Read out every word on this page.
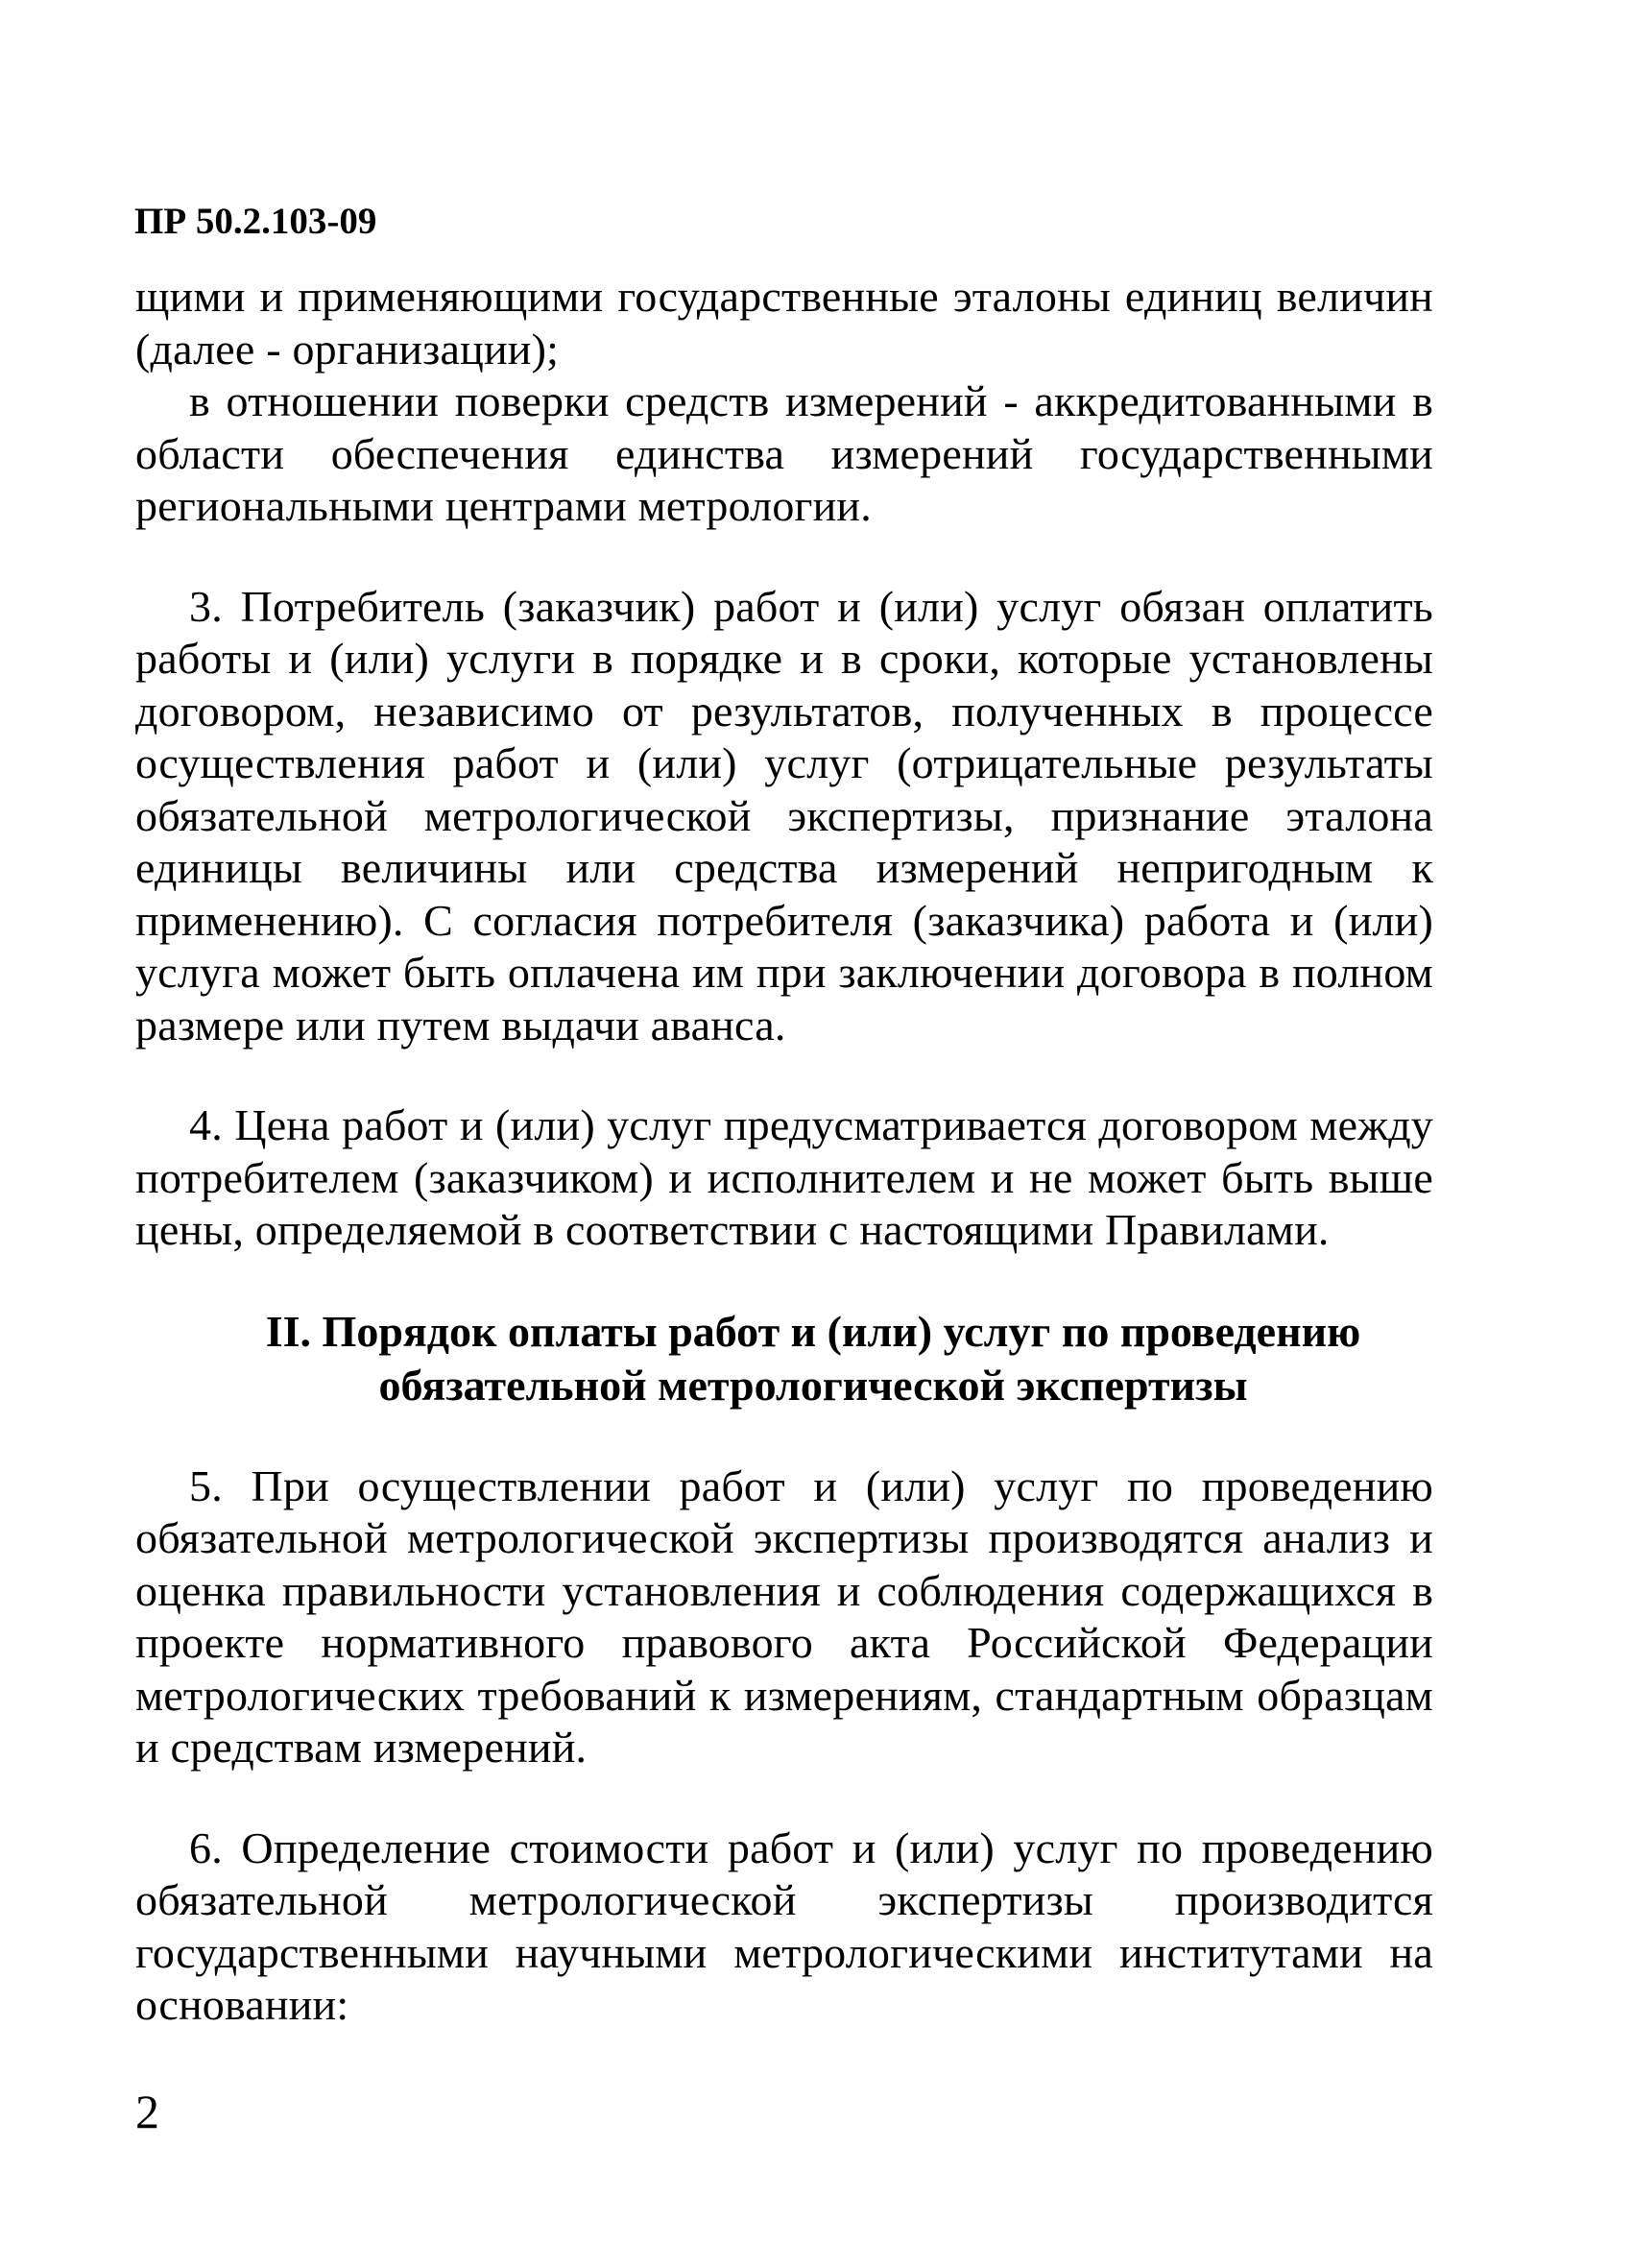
ПР 50.2.103-09

щими и применяющими государственные эталоны единиц величин (далее - организации);

в отношении поверки средств измерений - аккредитованными в области обеспечения единства измерений государственными региональными центрами метрологии.

3. Потребитель (заказчик) работ и (или) услуг обязан оплатить работы и (или) услуги в порядке и в сроки, которые установлены договором, независимо от результатов, полученных в процессе осуществления работ и (или) услуг (отрицательные результаты обязательной метрологической экспертизы, признание эталона единицы величины или средства измерений непригодным к применению). С согласия потребителя (заказчика) работа и (или) услуга может быть оплачена им при заключении договора в полном размере или путем выдачи аванса.

4. Цена работ и (или) услуг предусматривается договором между потребителем (заказчиком) и исполнителем и не может быть выше цены, определяемой в соответствии с настоящими Правилами.

II. Порядок оплаты работ и (или) услуг по проведению

обязательной метрологической экспертизы

5. При осуществлении работ и (или) услуг по проведению обязательной метрологической экспертизы производятся анализ и оценка правильности установления и соблюдения содержащихся в проекте нормативного правового акта Российской Федерации метрологических требований к измерениям, стандартным образцам и средствам измерений.

6. Определение стоимости работ и (или) услуг по проведению обязательной метрологической экспертизы производится государственными научными метрологическими институтами на основании:

2
